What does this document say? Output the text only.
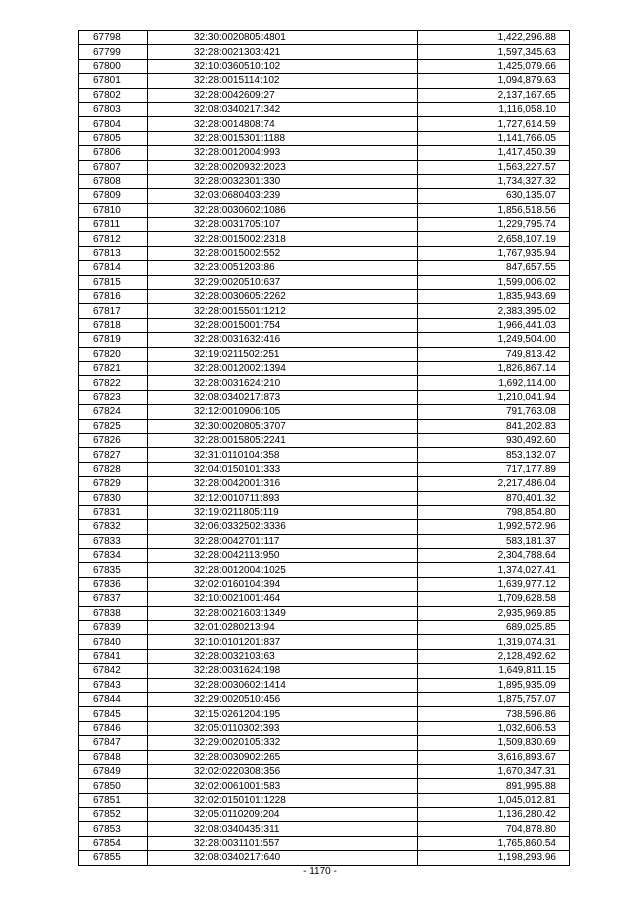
67798	32:30:0020805:4801	1,422,296.88
67799	32:28:0021303:421	1,597,345.63
67800	32:10:0360510:102	1,425,079.66
67801	32:28:0015114:102	1,094,879.63
67802	32:28:0042609:27	2,137,167.65
67803	32:08:0340217:342	1,116,058.10
67804	32:28:0014808:74	1,727,614.59
67805	32:28:0015301:1188	1,141,766.05
67806	32:28:0012004:993	1,417,450.39
67807	32:28:0020932:2023	1,563,227.57
67808	32:28:0032301:330	1,734,327.32
67809	32:03:0680403:239	630,135.07
67810	32:28:0030602:1086	1,856,518.56
67811	32:28:0031705:107	1,229,795.74
67812	32:28:0015002:2318	2,658,107.19
67813	32:28:0015002:552	1,767,935.94
67814	32:23:0051203:86	847,657.55
67815	32:29:0020510:637	1,599,006.02
67816	32:28:0030605:2262	1,835,943.69
67817	32:28:0015501:1212	2,383,395.02
67818	32:28:0015001:754	1,966,441.03
67819	32:28:0031632:416	1,249,504.00
67820	32:19:0211502:251	749,813.42
67821	32:28:0012002:1394	1,826,867.14
67822	32:28:0031624:210	1,692,114.00
67823	32:08:0340217:873	1,210,041.94
67824	32:12:0010906:105	791,763.08
67825	32:30:0020805:3707	841,202.83
67826	32:28:0015805:2241	930,492.60
67827	32:31:0110104:358	853,132.07
67828	32:04:0150101:333	717,177.89
67829	32:28:0042001:316	2,217,486.04
67830	32:12:0010711:893	870,401.32
67831	32:19:0211805:119	798,854.80
67832	32:06:0332502:3336	1,992,572.96
67833	32:28:0042701:117	583,181.37
67834	32:28:0042113:950	2,304,788.64
67835	32:28:0012004:1025	1,374,027.41
67836	32:02:0160104:394	1,639,977.12
67837	32:10:0021001:464	1,709,628.58
67838	32:28:0021603:1349	2,935,969.85
67839	32:01:0280213:94	689,025.85
67840	32:10:0101201:837	1,319,074.31
67841	32:28:0032103:63	2,128,492.62
67842	32:28:0031624:198	1,649,811.15
67843	32:28:0030602:1414	1,895,935.09
67844	32:29:0020510:456	1,875,757.07
67845	32:15:0261204:195	738,596.86
67846	32:05:0110302:393	1,032,606.53
67847	32:29:0020105:332	1,509,830.69
67848	32:28:0030902:265	3,616,893.67
67849	32:02:0220308:356	1,670,347.31
67850	32:02:0061001:583	891,995.88
67851	32:02:0150101:1228	1,045,012.81
67852	32:05:0110209:204	1,136,280.42
67853	32:08:0340435:311	704,878.80
67854	32:28:0031101:557	1,765,860.54
67855	32:08:0340217:640	1,198,293.96
- 1170 -
